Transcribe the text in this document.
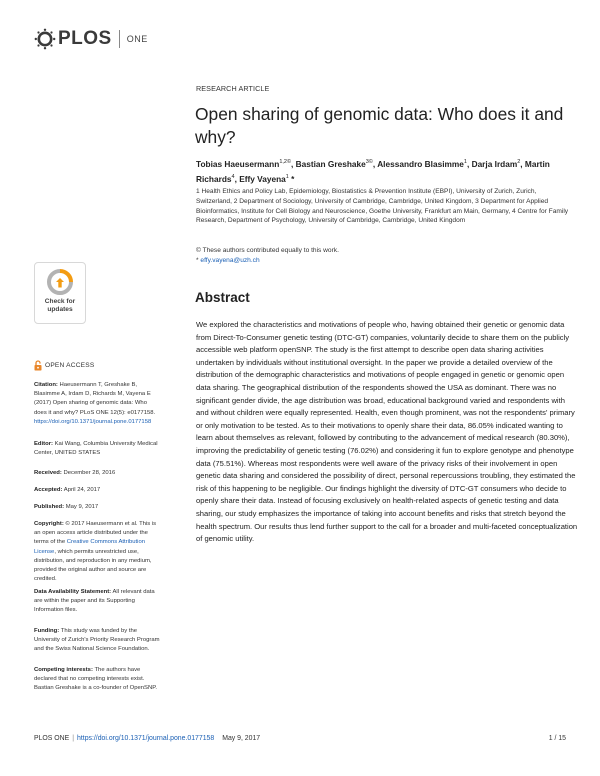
PLOS ONE
RESEARCH ARTICLE
Open sharing of genomic data: Who does it and why?
Tobias Haeusermann$^{1,2©}$, Bastian Greshake$^{3©}$, Alessandro Blasimme$^1$, Darja Irdam$^2$, Martin Richards$^4$, Effy Vayena$^1$ *
1 Health Ethics and Policy Lab, Epidemiology, Biostatistics & Prevention Institute (EBPI), University of Zurich, Zurich, Switzerland, 2 Department of Sociology, University of Cambridge, Cambridge, United Kingdom, 3 Department for Applied Bioinformatics, Institute for Cell Biology and Neuroscience, Goethe University, Frankfurt am Main, Germany, 4 Centre for Family Research, Department of Psychology, University of Cambridge, Cambridge, United Kingdom
© These authors contributed equally to this work.
* effy.vayena@uzh.ch
Abstract

We explored the characteristics and motivations of people who, having obtained their genetic or genomic data from Direct-To-Consumer genetic testing (DTC-GT) companies, voluntarily decide to share them on the publicly accessible web platform openSNP. The study is the first attempt to describe open data sharing activities undertaken by individuals without institutional oversight. In the paper we provide a detailed overview of the distribution of the demographic characteristics and motivations of people engaged in genetic or genomic open data sharing. The geographical distribution of the respondents showed the USA as dominant. There was no significant gender divide, the age distribution was broad, educational background varied and respondents with and without children were equally represented. Health, even though prominent, was not the respondents' primary or only motivation to be tested. As to their motivations to openly share their data, 86.05% indicated wanting to learn about themselves as relevant, followed by contributing to the advancement of medical research (80.30%), improving the predictability of genetic testing (76.02%) and considering it fun to explore genotype and phenotype data (75.51%). Whereas most respondents were well aware of the privacy risks of their involvement in open genetic data sharing and considered the possibility of direct, personal repercussions troubling, they estimated the risk of this happening to be negligible. Our findings highlight the diversity of DTC-GT consumers who decide to openly share their data. Instead of focusing exclusively on health-related aspects of genetic testing and data sharing, our study emphasizes the importance of taking into account benefits and risks that stretch beyond the health spectrum. Our results thus lend further support to the call for a broader and multi-faceted conceptualization of genomic utility.

Check for updates
OPEN ACCESS
Citation: Haeusermann T, Greshake B, Blasimme A, Irdam D, Richards M, Vayena E (2017) Open sharing of genomic data: Who does it and why? PLoS ONE 12(5): e0177158. https://doi.org/10.1371/journal.pone.0177158
Editor: Kai Wang, Columbia University Medical Center, UNITED STATES
Received: December 28, 2016
Accepted: April 24, 2017
Published: May 9, 2017
Copyright: © 2017 Haeusermann et al. This is an open access article distributed under the terms of the Creative Commons Attribution License, which permits unrestricted use, distribution, and reproduction in any medium, provided the original author and source are credited.
Data Availability Statement: All relevant data are within the paper and its Supporting Information files.
Funding: This study was funded by the University of Zurich's Priority Research Program and the Swiss National Science Foundation.
Competing interests: The authors have declared that no competing interests exist. Bastian Greshake is a co-founder of OpenSNP.
PLOS ONE | https://doi.org/10.1371/journal.pone.0177158 May 9, 2017	1 / 15
